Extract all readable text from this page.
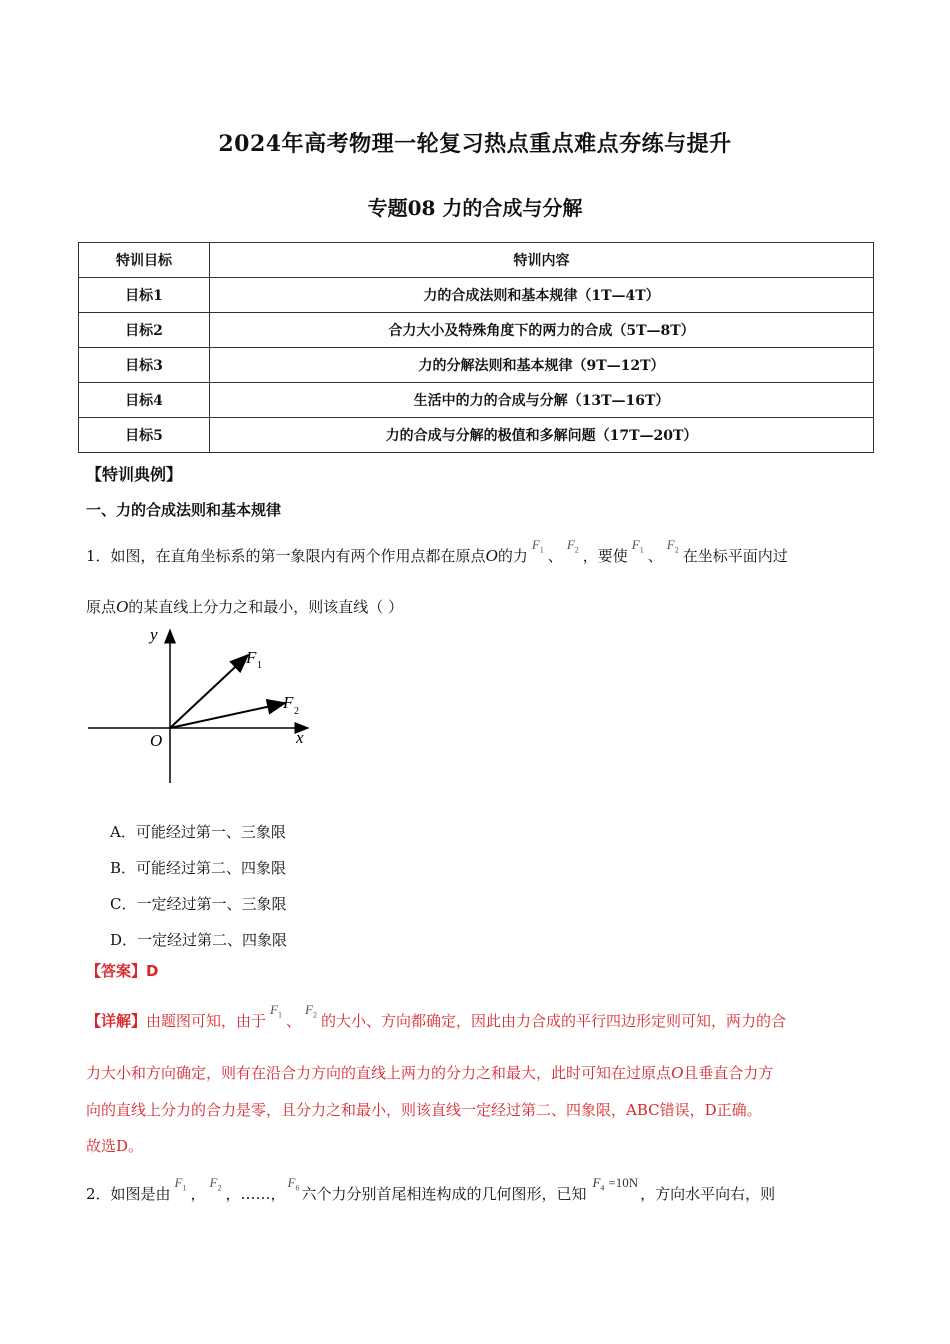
2024年高考物理一轮复习热点重点难点夯练与提升
专题08 力的合成与分解
特训目标	特训内容
目标1	力的合成法则和基本规律（1T—4T）
目标2	合力大小及特殊角度下的两力的合成（5T—8T）
目标3	力的分解法则和基本规律（9T—12T）
目标4	生活中的力的合成与分解（13T—16T）
目标5	力的合成与分解的极值和多解问题（17T—20T）
【特训典例】
一、力的合成法则和基本规律
1．如图，在直角坐标系的第一象限内有两个作用点都在原点O的力$F_1$ 、$F_2$ ，要使$F_1$ 、$F_2$ 在坐标平面内过
原点O的某直线上分力之和最小，则该直线（ ）
y
x
O
F 1
F 2
A．可能经过第一、三象限
B．可能经过第二、四象限
C．一定经过第一、三象限
D．一定经过第二、四象限
【答案】D
【详解】由题图可知，由于$F_1$ 、$F_2$ 的大小、方向都确定，因此由力合成的平行四边形定则可知，两力的合
力大小和方向确定，则有在沿合力方向的直线上两力的分力之和最大，此时可知在过原点O且垂直合力方
向的直线上分力的合力是零，且分力之和最小，则该直线一定经过第二、四象限，ABC错误，D正确。
故选D。
2．如图是由$F_1$ ，$F_2$ ，……，$F_6$ 六个力分别首尾相连构成的几何图形，已知$F_4 =10N$，方向水平向右，则
